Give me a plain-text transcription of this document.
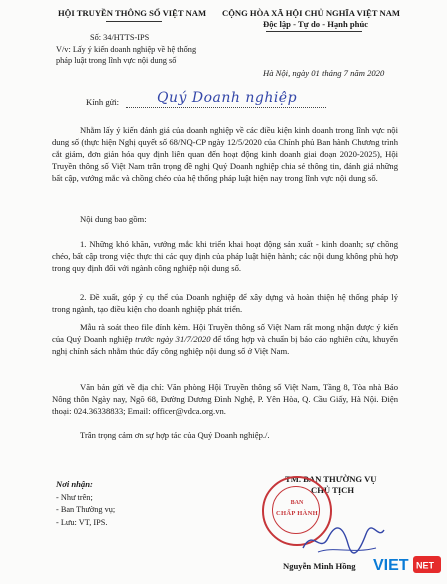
HỘI TRUYỀN THÔNG SỐ VIỆT NAM
Số: 34/HTTS-IPS
V/v: Lấy ý kiến doanh nghiệp về hệ thống
pháp luật trong lĩnh vực nội dung số
CỘNG HÒA XÃ HỘI CHỦ NGHĨA VIỆT NAM
Độc lập - Tự do - Hạnh phúc
Hà Nội, ngày 01 tháng 7 năm 2020
Kính gửi:	Quý Doanh nghiệp
Nhằm lấy ý kiến đánh giá của doanh nghiệp về các điều kiện kinh doanh trong lĩnh vực nội dung số (thực hiện Nghị quyết số 68/NQ-CP ngày 12/5/2020 của Chính phủ Ban hành Chương trình cắt giảm, đơn giản hóa quy định liên quan đến hoạt động kinh doanh giai đoạn 2020-2025), Hội Truyền thông số Việt Nam trân trọng đề nghị Quý Doanh nghiệp chia sẻ thông tin, đánh giá những bất cập, vướng mắc và chồng chéo của hệ thống pháp luật hiện nay trong lĩnh vực nội dung số.
Nội dung bao gồm:
1. Những khó khăn, vướng mắc khi triển khai hoạt động sản xuất - kinh doanh; sự chồng chéo, bất cập trong việc thực thi các quy định của pháp luật hiện hành; các nội dung không phù hợp trong quy định đối với ngành công nghiệp nội dung số.
2. Đề xuất, góp ý cụ thể của Doanh nghiệp để xây dựng và hoàn thiện hệ thống pháp lý trong ngành, tạo điều kiện cho doanh nghiệp phát triển.
Mẫu rà soát theo file đính kèm. Hội Truyền thông số Việt Nam rất mong nhận được ý kiến của Quý Doanh nghiệp trước ngày 31/7/2020 để tổng hợp và chuẩn bị báo cáo nghiên cứu, khuyến nghị chính sách nhằm thúc đẩy công nghiệp nội dung số ở Việt Nam.
Văn bản gửi về địa chỉ: Văn phòng Hội Truyền thông số Việt Nam, Tầng 8, Tòa nhà Báo Nông thôn Ngày nay, Ngõ 68, Đường Dương Đình Nghệ, P. Yên Hòa, Q. Cầu Giấy, Hà Nội. Điện thoại: 024.36338833; Email: officer@vdca.org.vn.
Trân trọng cảm ơn sự hợp tác của Quý Doanh nghiệp./.
Nơi nhận:
- Như trên;
- Ban Thường vụ;
- Lưu: VT, IPS.
TM. BAN THƯỜNG VỤ
CHỦ TỊCH
BAN
CHẤP HÀNH
Nguyễn Minh Hồng VIET NET
